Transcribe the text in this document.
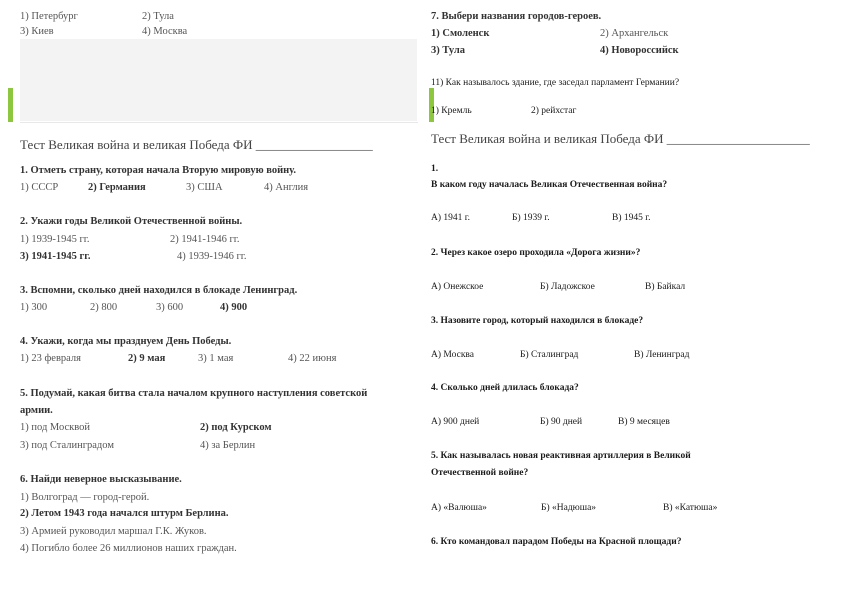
1) Петербург	2) Тула
3) Киев	4) Москва
Тест Великая война и великая Победа ФИ __________________
1. Отметь страну, которая начала Вторую мировую войну.
1) СССР	2) Германия	3) США	4) Англия
2. Укажи годы Великой Отечественной войны.
1) 1939-1945 гг.	2) 1941-1946 гг.
3) 1941-1945 гг.	4) 1939-1946 гг.
3. Вспомни, сколько дней находился в блокаде Ленинград.
1) 300	2) 800	3) 600	4) 900
4. Укажи, когда мы празднуем День Победы.
1) 23 февраля	2) 9 мая	3) 1 мая	4) 22 июня
5. Подумай, какая битва стала началом крупного наступления советской
армии.
1) под Москвой	2) под Курском
3) под Сталинградом	4) за Берлин
6. Найди неверное высказывание.
1) Волгоград — город-герой.
2) Летом 1943 года начался штурм Берлина.
3) Армией руководил маршал Г.К. Жуков.
4) Погибло более 26 миллионов наших граждан.
7. Выбери названия городов-героев.
1) Смоленск	2) Архангельск
3) Тула	4) Новороссийск
11) Как называлось здание, где заседал парламент Германии?
1) Кремль	2) рейхстаг
Тест Великая война и великая Победа ФИ ______________________
1.
В каком году началась Великая Отечественная война?
А) 1941 г.	Б) 1939 г.	В) 1945 г.
2. Через какое озеро проходила «Дорога жизни»?
А) Онежское	Б) Ладожское	В) Байкал
3. Назовите город, который находился в блокаде?
А) Москва	Б) Сталинград	В) Ленинград
4. Сколько дней длилась блокада?
А) 900 дней	Б) 90 дней	В) 9 месяцев
5. Как называлась новая реактивная артиллерия в Великой
Отечественной войне?
А) «Валюша»	Б) «Надюша»	В) «Катюша»
6. Кто командовал парадом Победы на Красной площади?
